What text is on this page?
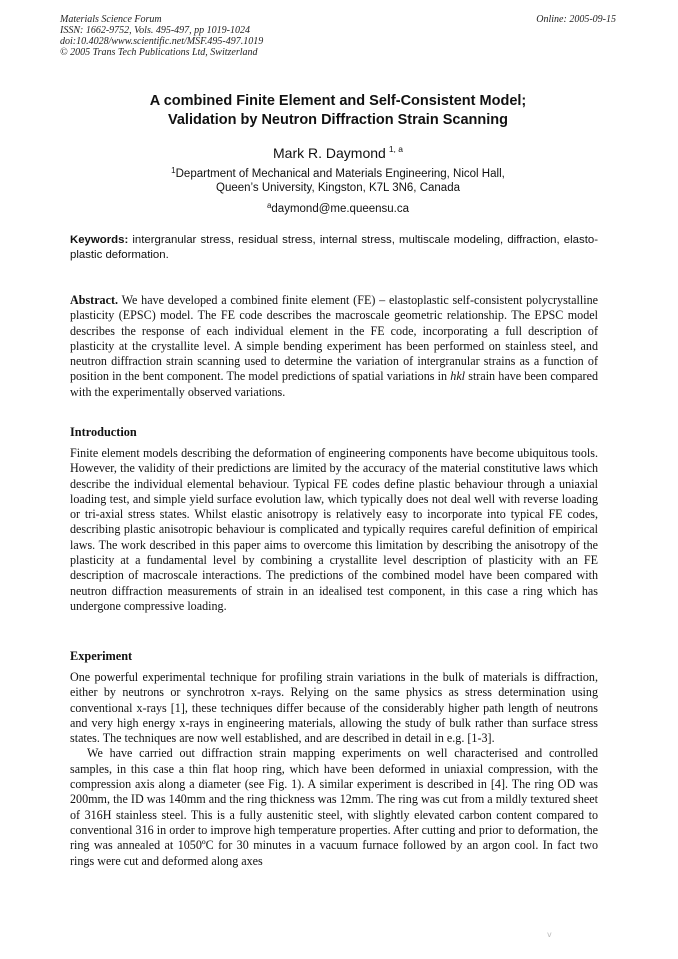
Materials Science Forum
ISSN: 1662-9752, Vols. 495-497, pp 1019-1024
doi:10.4028/www.scientific.net/MSF.495-497.1019
© 2005 Trans Tech Publications Ltd, Switzerland
Online: 2005-09-15
A combined Finite Element and Self-Consistent Model;
Validation by Neutron Diffraction Strain Scanning
Mark R. Daymond $^{1, a}$
$^1$Department of Mechanical and Materials Engineering, Nicol Hall,
Queen’s University, Kingston, K7L 3N6, Canada
$^a$daymond@me.queensu.ca
Keywords: intergranular stress, residual stress, internal stress, multiscale modeling, diffraction, elasto-plastic deformation.
Abstract. We have developed a combined finite element (FE) – elastoplastic self-consistent polycrystalline plasticity (EPSC) model. The FE code describes the macroscale geometric relationship. The EPSC model describes the response of each individual element in the FE code, incorporating a full description of plasticity at the crystallite level. A simple bending experiment has been performed on stainless steel, and neutron diffraction strain scanning used to determine the variation of intergranular strains as a function of position in the bent component. The model predictions of spatial variations in hkl strain have been compared with the experimentally observed variations.
Introduction

Finite element models describing the deformation of engineering components have become ubiquitous tools. However, the validity of their predictions are limited by the accuracy of the material constitutive laws which describe the individual elemental behaviour. Typical FE codes define plastic behaviour through a uniaxial loading test, and simple yield surface evolution law, which typically does not deal well with reverse loading or tri-axial stress states. Whilst elastic anisotropy is relatively easy to incorporate into typical FE codes, describing plastic anisotropic behaviour is complicated and typically requires careful definition of empirical laws. The work described in this paper aims to overcome this limitation by describing the anisotropy of the plasticity at a fundamental level by combining a crystallite level description of plasticity with an FE description of macroscale interactions. The predictions of the combined model have been compared with neutron diffraction measurements of strain in an idealised test component, in this case a ring which has undergone compressive loading.

Experiment

One powerful experimental technique for profiling strain variations in the bulk of materials is diffraction, either by neutrons or synchrotron x-rays. Relying on the same physics as stress determination using conventional x-rays [1], these techniques differ because of the considerably higher path length of neutrons and very high energy x-rays in engineering materials, allowing the study of bulk rather than surface stress states. The techniques are now well established, and are described in detail in e.g. [1-3].

We have carried out diffraction strain mapping experiments on well characterised and controlled samples, in this case a thin flat hoop ring, which have been deformed in uniaxial compression, with the compression axis along a diameter (see Fig. 1). A similar experiment is described in [4]. The ring OD was 200mm, the ID was 140mm and the ring thickness was 12mm. The ring was cut from a mildly textured sheet of 316H stainless steel. This is a fully austenitic steel, with slightly elevated carbon content compared to conventional 316 in order to improve high temperature properties. After cutting and prior to deformation, the ring was annealed at 1050ºC for 30 minutes in a vacuum furnace followed by an argon cool. In fact two rings were cut and deformed along axes

v
